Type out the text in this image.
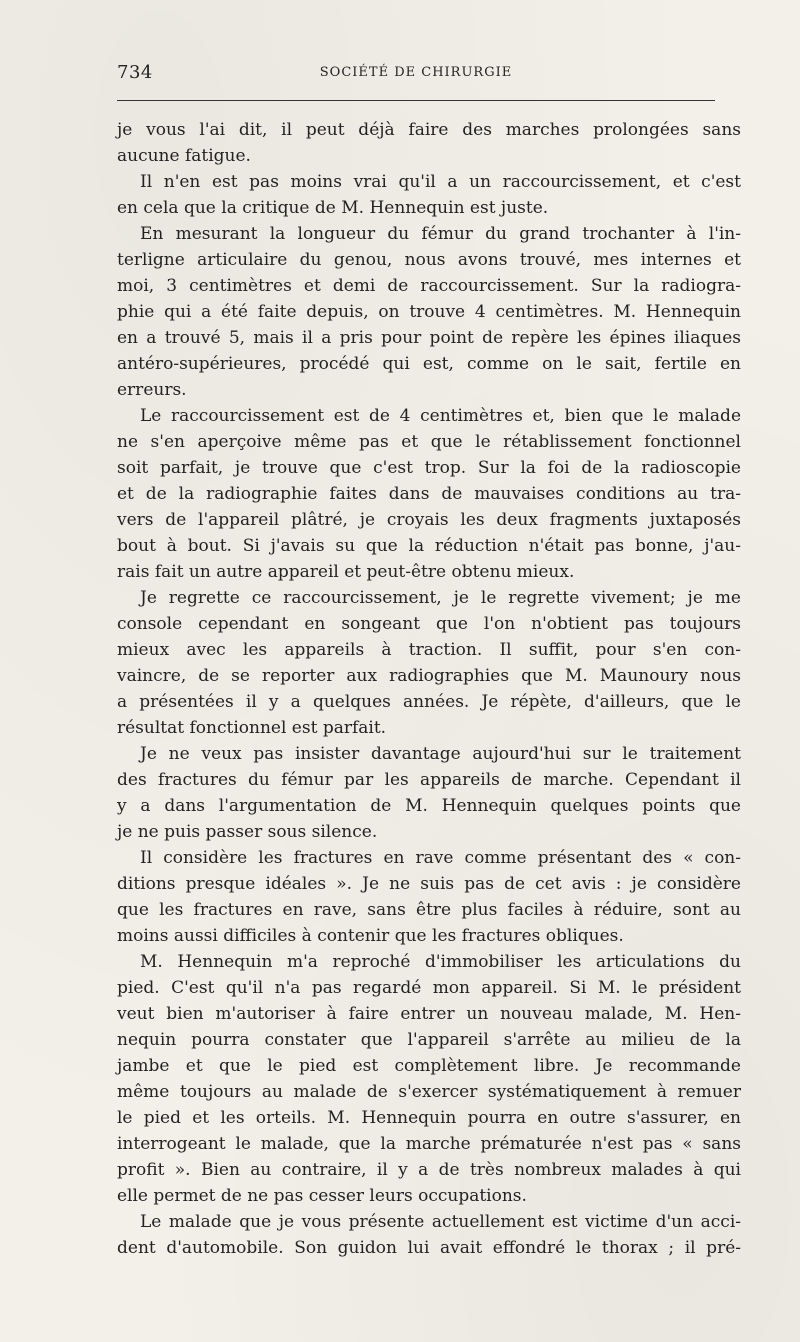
734	SOCIÉTÉ DE CHIRURGIE
je vous l'ai dit, il peut déjà faire des marches prolongées sans
aucune fatigue.
Il n'en est pas moins vrai qu'il a un raccourcissement, et c'est
en cela que la critique de M. Hennequin est juste.
En mesurant la longueur du fémur du grand trochanter à l'in-
terligne articulaire du genou, nous avons trouvé, mes internes et
moi, 3 centimètres et demi de raccourcissement. Sur la radiogra-
phie qui a été faite depuis, on trouve 4 centimètres. M. Hennequin
en a trouvé 5, mais il a pris pour point de repère les épines iliaques
antéro-supérieures, procédé qui est, comme on le sait, fertile en
erreurs.
Le raccourcissement est de 4 centimètres et, bien que le malade
ne s'en aperçoive même pas et que le rétablissement fonctionnel
soit parfait, je trouve que c'est trop. Sur la foi de la radioscopie
et de la radiographie faites dans de mauvaises conditions au tra-
vers de l'appareil plâtré, je croyais les deux fragments juxtaposés
bout à bout. Si j'avais su que la réduction n'était pas bonne, j'au-
rais fait un autre appareil et peut-être obtenu mieux.
Je regrette ce raccourcissement, je le regrette vivement; je me
console cependant en songeant que l'on n'obtient pas toujours
mieux avec les appareils à traction. Il suffit, pour s'en con-
vaincre, de se reporter aux radiographies que M. Maunoury nous
a présentées il y a quelques années. Je répète, d'ailleurs, que le
résultat fonctionnel est parfait.
Je ne veux pas insister davantage aujourd'hui sur le traitement
des fractures du fémur par les appareils de marche. Cependant il
y a dans l'argumentation de M. Hennequin quelques points que
je ne puis passer sous silence.
Il considère les fractures en rave comme présentant des « con-
ditions presque idéales ». Je ne suis pas de cet avis : je considère
que les fractures en rave, sans être plus faciles à réduire, sont au
moins aussi difficiles à contenir que les fractures obliques.
M. Hennequin m'a reproché d'immobiliser les articulations du
pied. C'est qu'il n'a pas regardé mon appareil. Si M. le président
veut bien m'autoriser à faire entrer un nouveau malade, M. Hen-
nequin pourra constater que l'appareil s'arrête au milieu de la
jambe et que le pied est complètement libre. Je recommande
même toujours au malade de s'exercer systématiquement à remuer
le pied et les orteils. M. Hennequin pourra en outre s'assurer, en
interrogeant le malade, que la marche prématurée n'est pas « sans
profit ». Bien au contraire, il y a de très nombreux malades à qui
elle permet de ne pas cesser leurs occupations.
Le malade que je vous présente actuellement est victime d'un acci-
dent d'automobile. Son guidon lui avait effondré le thorax ; il pré-
